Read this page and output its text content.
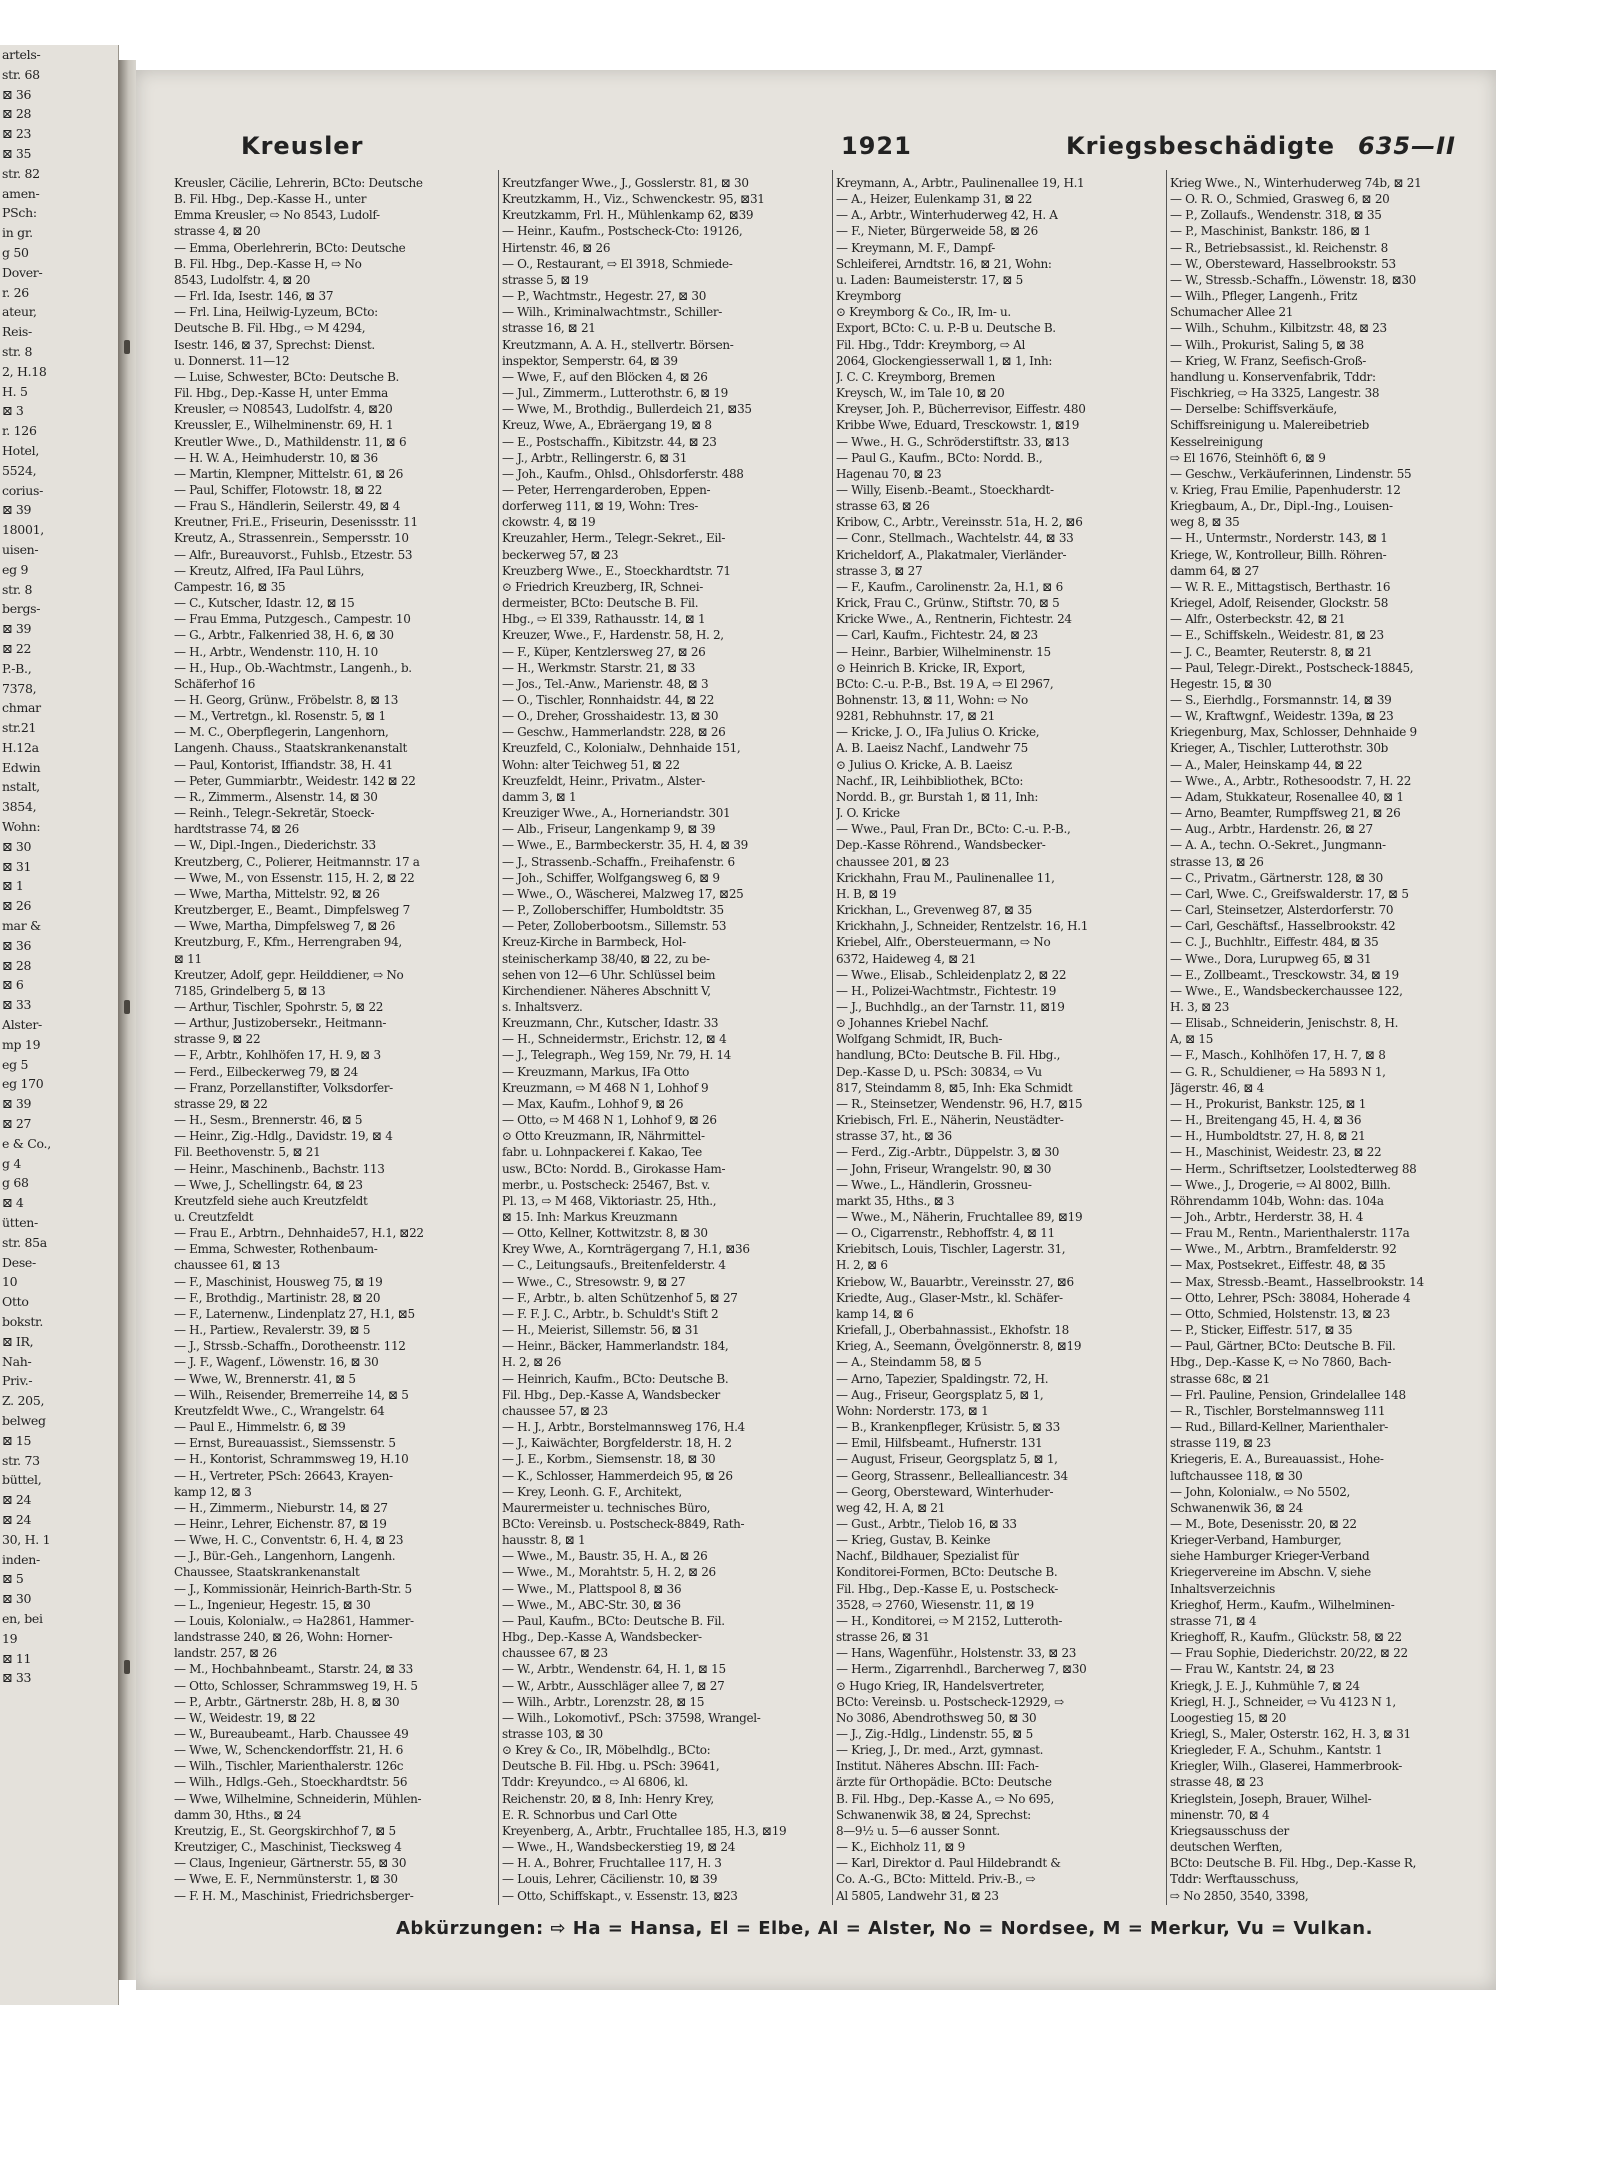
artels-
str. 68
⊠ 36
⊠ 28
⊠ 23
⊠ 35
str. 82
amen-
PSch:
in gr.
g 50
Dover-
r. 26
ateur,
Reis-
str. 8
2, H.18
H. 5
⊠ 3
r. 126
Hotel,
5524,
corius-
⊠ 39
18001,
uisen-
eg 9
str. 8
bergs-
⊠ 39
⊠ 22
P.-B.,
7378,
chmar
str.21
H.12a
Edwin
nstalt,
3854,
Wohn:
⊠ 30
⊠ 31
⊠ 1
⊠ 26
mar &
⊠ 36
⊠ 28
⊠ 6
⊠ 33
Alster-
mp 19
eg 5
eg 170
⊠ 39
⊠ 27
e & Co.,
g 4
g 68
⊠ 4
ütten-
str. 85a
Dese-
10
Otto
bokstr.
⊠ IR,
Nah-
Priv.-
Z. 205,
belweg
⊠ 15
str. 73
büttel,
⊠ 24
⊠ 24
30, H. 1
inden-
⊠ 5
⊠ 30
en, bei
19
⊠ 11
⊠ 33
Kreusler	1921	Kriegsbeschädigte 635—II
Kreusler, Cäcilie, Lehrerin, BCto: Deutsche
B. Fil. Hbg., Dep.-Kasse H., unter
Emma Kreusler, ⇨ No 8543, Ludolf-
strasse 4, ⊠ 20
— Emma, Oberlehrerin, BCto: Deutsche
B. Fil. Hbg., Dep.-Kasse H, ⇨ No
8543, Ludolfstr. 4, ⊠ 20
— Frl. Ida, Isestr. 146, ⊠ 37
— Frl. Lina, Heilwig-Lyzeum, BCto:
Deutsche B. Fil. Hbg., ⇨ M 4294,
Isestr. 146, ⊠ 37, Sprechst: Dienst.
u. Donnerst. 11—12
— Luise, Schwester, BCto: Deutsche B.
Fil. Hbg., Dep.-Kasse H, unter Emma
Kreusler, ⇨ N08543, Ludolfstr. 4, ⊠20
Kreussler, E., Wilhelminenstr. 69, H. 1
Kreutler Wwe., D., Mathildenstr. 11, ⊠ 6
— H. W. A., Heimhuderstr. 10, ⊠ 36
— Martin, Klempner, Mittelstr. 61, ⊠ 26
— Paul, Schiffer, Flotowstr. 18, ⊠ 22
— Frau S., Händlerin, Seilerstr. 49, ⊠ 4
Kreutner, Fri.E., Friseurin, Desenissstr. 11
Kreutz, A., Strassenrein., Sempersstr. 10
— Alfr., Bureauvorst., Fuhlsb., Etzestr. 53
— Kreutz, Alfred, IFa Paul Lührs,
Campestr. 16, ⊠ 35
— C., Kutscher, Idastr. 12, ⊠ 15
— Frau Emma, Putzgesch., Campestr. 10
— G., Arbtr., Falkenried 38, H. 6, ⊠ 30
— H., Arbtr., Wendenstr. 110, H. 10
— H., Hup., Ob.-Wachtmstr., Langenh., b.
Schäferhof 16
— H. Georg, Grünw., Fröbelstr. 8, ⊠ 13
— M., Vertretgn., kl. Rosenstr. 5, ⊠ 1
— M. C., Oberpflegerin, Langenhorn,
Langenh. Chauss., Staatskrankenanstalt
— Paul, Kontorist, Iffiandstr. 38, H. 41
— Peter, Gummiarbtr., Weidestr. 142 ⊠ 22
— R., Zimmerm., Alsenstr. 14, ⊠ 30
— Reinh., Telegr.-Sekretär, Stoeck-
hardtstrasse 74, ⊠ 26
— W., Dipl.-Ingen., Diederichstr. 33
Kreutzberg, C., Polierer, Heitmannstr. 17 a
— Wwe, M., von Essenstr. 115, H. 2, ⊠ 22
— Wwe, Martha, Mittelstr. 92, ⊠ 26
Kreutzberger, E., Beamt., Dimpfelsweg 7
— Wwe, Martha, Dimpfelsweg 7, ⊠ 26
Kreutzburg, F., Kfm., Herrengraben 94,
⊠ 11
Kreutzer, Adolf, gepr. Heilddiener, ⇨ No
7185, Grindelberg 5, ⊠ 13
— Arthur, Tischler, Spohrstr. 5, ⊠ 22
— Arthur, Justizobersekr., Heitmann-
strasse 9, ⊠ 22
— F., Arbtr., Kohlhöfen 17, H. 9, ⊠ 3
— Ferd., Eilbeckerweg 79, ⊠ 24
— Franz, Porzellanstifter, Volksdorfer-
strasse 29, ⊠ 22
— H., Sesm., Brennerstr. 46, ⊠ 5
— Heinr., Zig.-Hdlg., Davidstr. 19, ⊠ 4
Fil. Beethovenstr. 5, ⊠ 21
— Heinr., Maschinenb., Bachstr. 113
— Wwe, J., Schellingstr. 64, ⊠ 23
Kreutzfeld siehe auch Kreutzfeldt
u. Creutzfeldt
— Frau E., Arbtrn., Dehnhaide57, H.1, ⊠22
— Emma, Schwester, Rothenbaum-
chaussee 61, ⊠ 13
— F., Maschinist, Housweg 75, ⊠ 19
— F., Brothdig., Martinistr. 28, ⊠ 20
— F., Laternenw., Lindenplatz 27, H.1, ⊠5
— H., Partiew., Revalerstr. 39, ⊠ 5
— J., Strssb.-Schaffn., Dorotheenstr. 112
— J. F., Wagenf., Löwenstr. 16, ⊠ 30
— Wwe, W., Brennerstr. 41, ⊠ 5
— Wilh., Reisender, Bremerreihe 14, ⊠ 5
Kreutzfeldt Wwe., C., Wrangelstr. 64
— Paul E., Himmelstr. 6, ⊠ 39
— Ernst, Bureauassist., Siemssenstr. 5
— H., Kontorist, Schrammsweg 19, H.10
— H., Vertreter, PSch: 26643, Krayen-
kamp 12, ⊠ 3
— H., Zimmerm., Nieburstr. 14, ⊠ 27
— Heinr., Lehrer, Eichenstr. 87, ⊠ 19
— Wwe, H. C., Conventstr. 6, H. 4, ⊠ 23
— J., Bür.-Geh., Langenhorn, Langenh.
Chaussee, Staatskrankenanstalt
— J., Kommissionär, Heinrich-Barth-Str. 5
— L., Ingenieur, Hegestr. 15, ⊠ 30
— Louis, Kolonialw., ⇨ Ha2861, Hammer-
landstrasse 240, ⊠ 26, Wohn: Horner-
landstr. 257, ⊠ 26
— M., Hochbahnbeamt., Starstr. 24, ⊠ 33
— Otto, Schlosser, Schrammsweg 19, H. 5
— P., Arbtr., Gärtnerstr. 28b, H. 8, ⊠ 30
— W., Weidestr. 19, ⊠ 22
— W., Bureaubeamt., Harb. Chaussee 49
— Wwe, W., Schenckendorffstr. 21, H. 6
— Wilh., Tischler, Marienthalerstr. 126c
— Wilh., Hdlgs.-Geh., Stoeckhardtstr. 56
— Wwe, Wilhelmine, Schneiderin, Mühlen-
damm 30, Hths., ⊠ 24
Kreutzig, E., St. Georgskirchhof 7, ⊠ 5
Kreutziger, C., Maschinist, Tiecksweg 4
— Claus, Ingenieur, Gärtnerstr. 55, ⊠ 30
— Wwe, E. F., Nernmünsterstr. 1, ⊠ 30
— F. H. M., Maschinist, Friedrichsberger-
Kreutzfanger Wwe., J., Gosslerstr. 81, ⊠ 30
Kreutzkamm, H., Viz., Schwenckestr. 95, ⊠31
Kreutzkamm, Frl. H., Mühlenkamp 62, ⊠39
— Heinr., Kaufm., Postscheck-Cto: 19126,
Hirtenstr. 46, ⊠ 26
— O., Restaurant, ⇨ El 3918, Schmiede-
strasse 5, ⊠ 19
— P., Wachtmstr., Hegestr. 27, ⊠ 30
— Wilh., Kriminalwachtmstr., Schiller-
strasse 16, ⊠ 21
Kreutzmann, A. A. H., stellvertr. Börsen-
inspektor, Semperstr. 64, ⊠ 39
— Wwe, F., auf den Blöcken 4, ⊠ 26
— Jul., Zimmerm., Lutterothstr. 6, ⊠ 19
— Wwe, M., Brothdig., Bullerdeich 21, ⊠35
Kreuz, Wwe, A., Ebräergang 19, ⊠ 8
— E., Postschaffn., Kibitzstr. 44, ⊠ 23
— J., Arbtr., Rellingerstr. 6, ⊠ 31
— Joh., Kaufm., Ohlsd., Ohlsdorferstr. 488
— Peter, Herrengarderoben, Eppen-
dorferweg 111, ⊠ 19, Wohn: Tres-
ckowstr. 4, ⊠ 19
Kreuzahler, Herm., Telegr.-Sekret., Eil-
beckerweg 57, ⊠ 23
Kreuzberg Wwe., E., Stoeckhardtstr. 71
⊙ Friedrich Kreuzberg, IR, Schnei-
dermeister, BCto: Deutsche B. Fil.
Hbg., ⇨ El 339, Rathausstr. 14, ⊠ 1
Kreuzer, Wwe., F., Hardenstr. 58, H. 2,
— F., Küper, Kentzlersweg 27, ⊠ 26
— H., Werkmstr. Starstr. 21, ⊠ 33
— Jos., Tel.-Anw., Marienstr. 48, ⊠ 3
— O., Tischler, Ronnhaidstr. 44, ⊠ 22
— O., Dreher, Grosshaidestr. 13, ⊠ 30
— Geschw., Hammerlandstr. 228, ⊠ 26
Kreuzfeld, C., Kolonialw., Dehnhaide 151,
Wohn: alter Teichweg 51, ⊠ 22
Kreuzfeldt, Heinr., Privatm., Alster-
damm 3, ⊠ 1
Kreuziger Wwe., A., Horneriandstr. 301
— Alb., Friseur, Langenkamp 9, ⊠ 39
— Wwe., E., Barmbeckerstr. 35, H. 4, ⊠ 39
— J., Strassenb.-Schaffn., Freihafenstr. 6
— Joh., Schiffer, Wolfgangsweg 6, ⊠ 9
— Wwe., O., Wäscherei, Malzweg 17, ⊠25
— P., Zolloberschiffer, Humboldtstr. 35
— Peter, Zolloberbootsm., Sillemstr. 53
Kreuz-Kirche in Barmbeck, Hol-
steinischerkamp 38/40, ⊠ 22, zu be-
sehen von 12—6 Uhr. Schlüssel beim
Kirchendiener. Näheres Abschnitt V,
s. Inhaltsverz.
Kreuzmann, Chr., Kutscher, Idastr. 33
— H., Schneidermstr., Erichstr. 12, ⊠ 4
— J., Telegraph., Weg 159, Nr. 79, H. 14
— Kreuzmann, Markus, IFa Otto
Kreuzmann, ⇨ M 468 N 1, Lohhof 9
— Max, Kaufm., Lohhof 9, ⊠ 26
— Otto, ⇨ M 468 N 1, Lohhof 9, ⊠ 26
⊙ Otto Kreuzmann, IR, Nährmittel-
fabr. u. Lohnpackerei f. Kakao, Tee
usw., BCto: Nordd. B., Girokasse Ham-
merbr., u. Postscheck: 25467, Bst. v.
Pl. 13, ⇨ M 468, Viktoriastr. 25, Hth.,
⊠ 15. Inh: Markus Kreuzmann
— Otto, Kellner, Kottwitzstr. 8, ⊠ 30
Krey Wwe, A., Kornträgergang 7, H.1, ⊠36
— C., Leitungsaufs., Breitenfelderstr. 4
— Wwe., C., Stresowstr. 9, ⊠ 27
— F., Arbtr., b. alten Schützenhof 5, ⊠ 27
— F. F. J. C., Arbtr., b. Schuldt's Stift 2
— H., Meierist, Sillemstr. 56, ⊠ 31
— Heinr., Bäcker, Hammerlandstr. 184,
H. 2, ⊠ 26
— Heinrich, Kaufm., BCto: Deutsche B.
Fil. Hbg., Dep.-Kasse A, Wandsbecker
chaussee 57, ⊠ 23
— H. J., Arbtr., Borstelmannsweg 176, H.4
— J., Kaiwächter, Borgfelderstr. 18, H. 2
— J. E., Korbm., Siemsenstr. 18, ⊠ 30
— K., Schlosser, Hammerdeich 95, ⊠ 26
— Krey, Leonh. G. F., Architekt,
Maurermeister u. technisches Büro,
BCto: Vereinsb. u. Postscheck-8849, Rath-
hausstr. 8, ⊠ 1
— Wwe., M., Baustr. 35, H. A., ⊠ 26
— Wwe., M., Morahtstr. 5, H. 2, ⊠ 26
— Wwe., M., Plattspool 8, ⊠ 36
— Wwe., M., ABC-Str. 30, ⊠ 36
— Paul, Kaufm., BCto: Deutsche B. Fil.
Hbg., Dep.-Kasse A, Wandsbecker-
chaussee 67, ⊠ 23
— W., Arbtr., Wendenstr. 64, H. 1, ⊠ 15
— W., Arbtr., Ausschläger allee 7, ⊠ 27
— Wilh., Arbtr., Lorenzstr. 28, ⊠ 15
— Wilh., Lokomotivf., PSch: 37598, Wrangel-
strasse 103, ⊠ 30
⊙ Krey & Co., IR, Möbelhdlg., BCto:
Deutsche B. Fil. Hbg. u. PSch: 39641,
Tddr: Kreyundco., ⇨ Al 6806, kl.
Reichenstr. 20, ⊠ 8, Inh: Henry Krey,
E. R. Schnorbus und Carl Otte
Kreyenberg, A., Arbtr., Fruchtallee 185, H.3, ⊠19
— Wwe., H., Wandsbeckerstieg 19, ⊠ 24
— H. A., Bohrer, Fruchtallee 117, H. 3
— Louis, Lehrer, Cäcilienstr. 10, ⊠ 39
— Otto, Schiffskapt., v. Essenstr. 13, ⊠23
Kreymann, A., Arbtr., Paulinenallee 19, H.1
— A., Heizer, Eulenkamp 31, ⊠ 22
— A., Arbtr., Winterhuderweg 42, H. A
— F., Nieter, Bürgerweide 58, ⊠ 26
— Kreymann, M. F., Dampf-
Schleiferei, Arndtstr. 16, ⊠ 21, Wohn:
u. Laden: Baumeisterstr. 17, ⊠ 5
Kreymborg
⊙ Kreymborg & Co., IR, Im- u.
Export, BCto: C. u. P.-B u. Deutsche B.
Fil. Hbg., Tddr: Kreymborg, ⇨ Al
2064, Glockengiesserwall 1, ⊠ 1, Inh:
J. C. C. Kreymborg, Bremen
Kreysch, W., im Tale 10, ⊠ 20
Kreyser, Joh. P., Bücherrevisor, Eiffestr. 480
Kribbe Wwe, Eduard, Tresckowstr. 1, ⊠19
— Wwe., H. G., Schröderstiftstr. 33, ⊠13
— Paul G., Kaufm., BCto: Nordd. B.,
Hagenau 70, ⊠ 23
— Willy, Eisenb.-Beamt., Stoeckhardt-
strasse 63, ⊠ 26
Kribow, C., Arbtr., Vereinsstr. 51a, H. 2, ⊠6
— Conr., Stellmach., Wachtelstr. 44, ⊠ 33
Kricheldorf, A., Plakatmaler, Vierländer-
strasse 3, ⊠ 27
— F., Kaufm., Carolinenstr. 2a, H.1, ⊠ 6
Krick, Frau C., Grünw., Stiftstr. 70, ⊠ 5
Kricke Wwe., A., Rentnerin, Fichtestr. 24
— Carl, Kaufm., Fichtestr. 24, ⊠ 23
— Heinr., Barbier, Wilhelminenstr. 15
⊙ Heinrich B. Kricke, IR, Export,
BCto: C.-u. P.-B., Bst. 19 A, ⇨ El 2967,
Bohnenstr. 13, ⊠ 11, Wohn: ⇨ No
9281, Rebhuhnstr. 17, ⊠ 21
— Kricke, J. O., IFa Julius O. Kricke,
A. B. Laeisz Nachf., Landwehr 75
⊙ Julius O. Kricke, A. B. Laeisz
Nachf., IR, Leihbibliothek, BCto:
Nordd. B., gr. Burstah 1, ⊠ 11, Inh:
J. O. Kricke
— Wwe., Paul, Fran Dr., BCto: C.-u. P.-B.,
Dep.-Kasse Röhrend., Wandsbecker-
chaussee 201, ⊠ 23
Krickhahn, Frau M., Paulinenallee 11,
H. B, ⊠ 19
Krickhan, L., Grevenweg 87, ⊠ 35
Krickhahn, J., Schneider, Rentzelstr. 16, H.1
Kriebel, Alfr., Obersteuermann, ⇨ No
6372, Haideweg 4, ⊠ 21
— Wwe., Elisab., Schleidenplatz 2, ⊠ 22
— H., Polizei-Wachtmstr., Fichtestr. 19
— J., Buchhdlg., an der Tarnstr. 11, ⊠19
⊙ Johannes Kriebel Nachf.
Wolfgang Schmidt, IR, Buch-
handlung, BCto: Deutsche B. Fil. Hbg.,
Dep.-Kasse D, u. PSch: 30834, ⇨ Vu
817, Steindamm 8, ⊠5, Inh: Eka Schmidt
— R., Steinsetzer, Wendenstr. 96, H.7, ⊠15
Kriebisch, Frl. E., Näherin, Neustädter-
strasse 37, ht., ⊠ 36
— Ferd., Zig.-Arbtr., Düppelstr. 3, ⊠ 30
— John, Friseur, Wrangelstr. 90, ⊠ 30
— Wwe., L., Händlerin, Grossneu-
markt 35, Hths., ⊠ 3
— Wwe., M., Näherin, Fruchtallee 89, ⊠19
— O., Cigarrenstr., Rebhoffstr. 4, ⊠ 11
Kriebitsch, Louis, Tischler, Lagerstr. 31,
H. 2, ⊠ 6
Kriebow, W., Bauarbtr., Vereinsstr. 27, ⊠6
Kriedte, Aug., Glaser-Mstr., kl. Schäfer-
kamp 14, ⊠ 6
Kriefall, J., Oberbahnassist., Ekhofstr. 18
Krieg, A., Seemann, Övelgönnerstr. 8, ⊠19
— A., Steindamm 58, ⊠ 5
— Arno, Tapezier, Spaldingstr. 72, H.
— Aug., Friseur, Georgsplatz 5, ⊠ 1,
Wohn: Norderstr. 173, ⊠ 1
— B., Krankenpfleger, Krüsistr. 5, ⊠ 33
— Emil, Hilfsbeamt., Hufnerstr. 131
— August, Friseur, Georgsplatz 5, ⊠ 1,
— Georg, Strassenr., Bellealliancestr. 34
— Georg, Obersteward, Winterhuder-
weg 42, H. A, ⊠ 21
— Gust., Arbtr., Tielob 16, ⊠ 33
— Krieg, Gustav, B. Keinke
Nachf., Bildhauer, Spezialist für
Konditorei-Formen, BCto: Deutsche B.
Fil. Hbg., Dep.-Kasse E, u. Postscheck-
3528, ⇨ 2760, Wiesenstr. 11, ⊠ 19
— H., Konditorei, ⇨ M 2152, Lutteroth-
strasse 26, ⊠ 31
— Hans, Wagenführ., Holstenstr. 33, ⊠ 23
— Herm., Zigarrenhdl., Barcherweg 7, ⊠30
⊙ Hugo Krieg, IR, Handelsvertreter,
BCto: Vereinsb. u. Postscheck-12929, ⇨
No 3086, Abendrothsweg 50, ⊠ 30
— J., Zig.-Hdlg., Lindenstr. 55, ⊠ 5
— Krieg, J., Dr. med., Arzt, gymnast.
Institut. Näheres Abschn. III: Fach-
ärzte für Orthopädie. BCto: Deutsche
B. Fil. Hbg., Dep.-Kasse A., ⇨ No 695,
Schwanenwik 38, ⊠ 24, Sprechst:
8—9½ u. 5—6 ausser Sonnt.
— K., Eichholz 11, ⊠ 9
— Karl, Direktor d. Paul Hildebrandt &
Co. A.-G., BCto: Mitteld. Priv.-B., ⇨
Al 5805, Landwehr 31, ⊠ 23
Krieg Wwe., N., Winterhuderweg 74b, ⊠ 21
— O. R. O., Schmied, Grasweg 6, ⊠ 20
— P., Zollaufs., Wendenstr. 318, ⊠ 35
— P., Maschinist, Bankstr. 186, ⊠ 1
— R., Betriebsassist., kl. Reichenstr. 8
— W., Obersteward, Hasselbrookstr. 53
— W., Stressb.-Schaffn., Löwenstr. 18, ⊠30
— Wilh., Pfleger, Langenh., Fritz
Schumacher Allee 21
— Wilh., Schuhm., Kilbitzstr. 48, ⊠ 23
— Wilh., Prokurist, Saling 5, ⊠ 38
— Krieg, W. Franz, Seefisch-Groß-
handlung u. Konservenfabrik, Tddr:
Fischkrieg, ⇨ Ha 3325, Langestr. 38
— Derselbe: Schiffsverkäufe,
Schiffsreinigung u. Malereibetrieb
Kesselreinigung
⇨ El 1676, Steinhöft 6, ⊠ 9
— Geschw., Verkäuferinnen, Lindenstr. 55
v. Krieg, Frau Emilie, Papenhuderstr. 12
Kriegbaum, A., Dr., Dipl.-Ing., Louisen-
weg 8, ⊠ 35
— H., Untermstr., Norderstr. 143, ⊠ 1
Kriege, W., Kontrolleur, Billh. Röhren-
damm 64, ⊠ 27
— W. R. E., Mittagstisch, Berthastr. 16
Kriegel, Adolf, Reisender, Glockstr. 58
— Alfr., Osterbeckstr. 42, ⊠ 21
— E., Schiffskeln., Weidestr. 81, ⊠ 23
— J. C., Beamter, Reuterstr. 8, ⊠ 21
— Paul, Telegr.-Direkt., Postscheck-18845,
Hegestr. 15, ⊠ 30
— S., Eierhdlg., Forsmannstr. 14, ⊠ 39
— W., Kraftwgnf., Weidestr. 139a, ⊠ 23
Kriegenburg, Max, Schlosser, Dehnhaide 9
Krieger, A., Tischler, Lutterothstr. 30b
— A., Maler, Heinskamp 44, ⊠ 22
— Wwe., A., Arbtr., Rothesoodstr. 7, H. 22
— Adam, Stukkateur, Rosenallee 40, ⊠ 1
— Arno, Beamter, Rumpffsweg 21, ⊠ 26
— Aug., Arbtr., Hardenstr. 26, ⊠ 27
— A. A., techn. O.-Sekret., Jungmann-
strasse 13, ⊠ 26
— C., Privatm., Gärtnerstr. 128, ⊠ 30
— Carl, Wwe. C., Greifswalderstr. 17, ⊠ 5
— Carl, Steinsetzer, Alsterdorferstr. 70
— Carl, Geschäftsf., Hasselbrookstr. 42
— C. J., Buchhltr., Eiffestr. 484, ⊠ 35
— Wwe., Dora, Lurupweg 65, ⊠ 31
— E., Zollbeamt., Tresckowstr. 34, ⊠ 19
— Wwe., E., Wandsbeckerchaussee 122,
H. 3, ⊠ 23
— Elisab., Schneiderin, Jenischstr. 8, H.
A, ⊠ 15
— F., Masch., Kohlhöfen 17, H. 7, ⊠ 8
— G. R., Schuldiener, ⇨ Ha 5893 N 1,
Jägerstr. 46, ⊠ 4
— H., Prokurist, Bankstr. 125, ⊠ 1
— H., Breitengang 45, H. 4, ⊠ 36
— H., Humboldtstr. 27, H. 8, ⊠ 21
— H., Maschinist, Weidestr. 23, ⊠ 22
— Herm., Schriftsetzer, Loolstedterweg 88
— Wwe., J., Drogerie, ⇨ Al 8002, Billh.
Röhrendamm 104b, Wohn: das. 104a
— Joh., Arbtr., Herderstr. 38, H. 4
— Frau M., Rentn., Marienthalerstr. 117a
— Wwe., M., Arbtrn., Bramfelderstr. 92
— Max, Postsekret., Eiffestr. 48, ⊠ 35
— Max, Stressb.-Beamt., Hasselbrookstr. 14
— Otto, Lehrer, PSch: 38084, Hoherade 4
— Otto, Schmied, Holstenstr. 13, ⊠ 23
— P., Sticker, Eiffestr. 517, ⊠ 35
— Paul, Gärtner, BCto: Deutsche B. Fil.
Hbg., Dep.-Kasse K, ⇨ No 7860, Bach-
strasse 68c, ⊠ 21
— Frl. Pauline, Pension, Grindelallee 148
— R., Tischler, Borstelmannsweg 111
— Rud., Billard-Kellner, Marienthaler-
strasse 119, ⊠ 23
Kriegeris, E. A., Bureauassist., Hohe-
luftchaussee 118, ⊠ 30
— John, Kolonialw., ⇨ No 5502,
Schwanenwik 36, ⊠ 24
— M., Bote, Desenisstr. 20, ⊠ 22
Krieger-Verband, Hamburger,
siehe Hamburger Krieger-Verband
Kriegervereine im Abschn. V, siehe
Inhaltsverzeichnis
Krieghof, Herm., Kaufm., Wilhelminen-
strasse 71, ⊠ 4
Krieghoff, R., Kaufm., Glückstr. 58, ⊠ 22
— Frau Sophie, Diederichstr. 20/22, ⊠ 22
— Frau W., Kantstr. 24, ⊠ 23
Kriegk, J. E. J., Kuhmühle 7, ⊠ 24
Kriegl, H. J., Schneider, ⇨ Vu 4123 N 1,
Loogestieg 15, ⊠ 20
Kriegl, S., Maler, Osterstr. 162, H. 3, ⊠ 31
Kriegleder, F. A., Schuhm., Kantstr. 1
Kriegler, Wilh., Glaserei, Hammerbrook-
strasse 48, ⊠ 23
Krieglstein, Joseph, Brauer, Wilhel-
minenstr. 70, ⊠ 4
Kriegsausschuss der
deutschen Werften,
BCto: Deutsche B. Fil. Hbg., Dep.-Kasse R,
Tddr: Werftausschuss,
⇨ No 2850, 3540, 3398,
Abkürzungen: ⇨ Ha = Hansa, El = Elbe, Al = Alster, No = Nordsee, M = Merkur, Vu = Vulkan.
